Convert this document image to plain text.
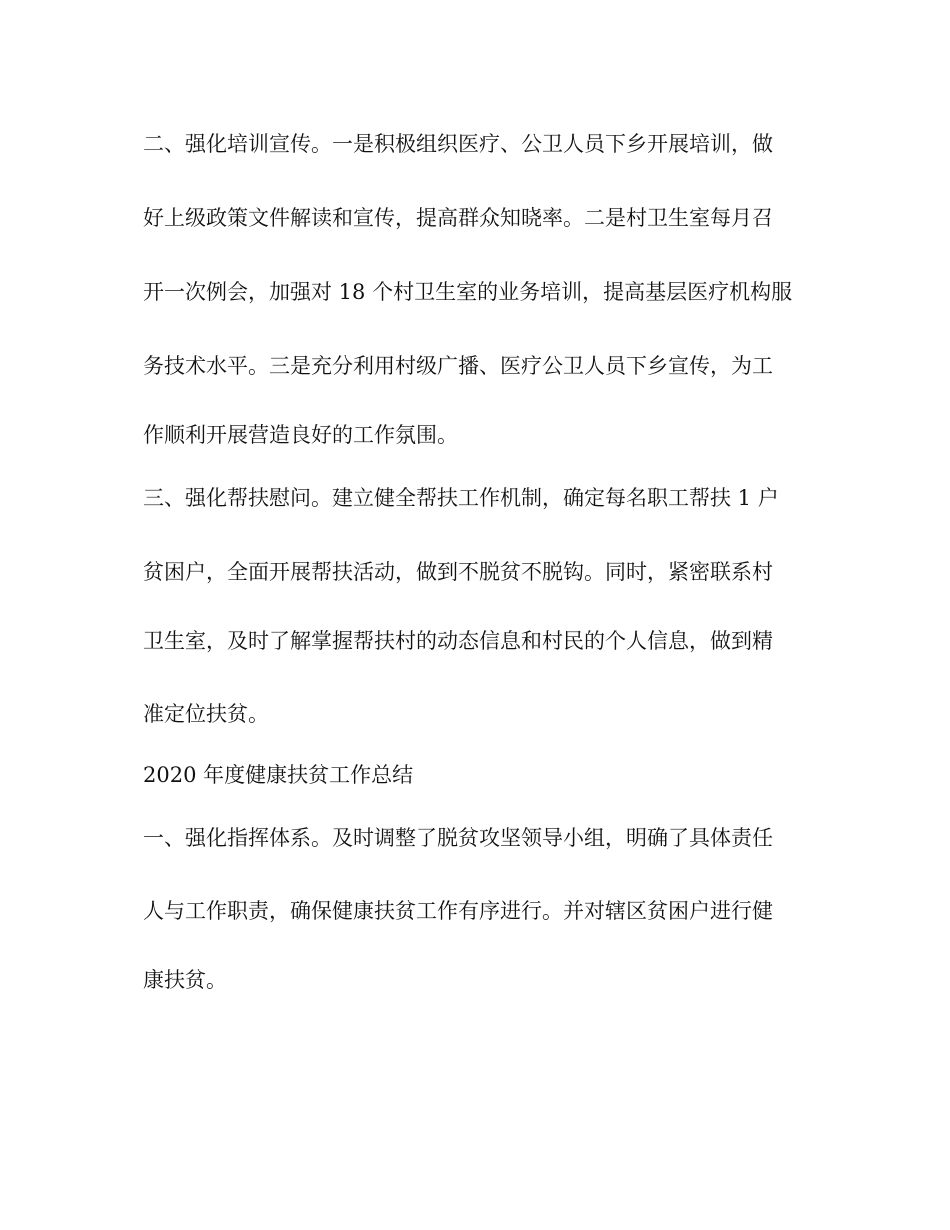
二、强化培训宣传。一是积极组织医疗、公卫人员下乡开展培训，做
好上级政策文件解读和宣传，提高群众知晓率。二是村卫生室每月召
开一次例会，加强对 18 个村卫生室的业务培训，提高基层医疗机构服
务技术水平。三是充分利用村级广播、医疗公卫人员下乡宣传，为工
作顺利开展营造良好的工作氛围。
三、强化帮扶慰问。建立健全帮扶工作机制，确定每名职工帮扶 1 户
贫困户，全面开展帮扶活动，做到不脱贫不脱钩。同时，紧密联系村
卫生室，及时了解掌握帮扶村的动态信息和村民的个人信息，做到精
准定位扶贫。
2020 年度健康扶贫工作总结
一、强化指挥体系。及时调整了脱贫攻坚领导小组，明确了具体责任
人与工作职责，确保健康扶贫工作有序进行。并对辖区贫困户进行健
康扶贫。
